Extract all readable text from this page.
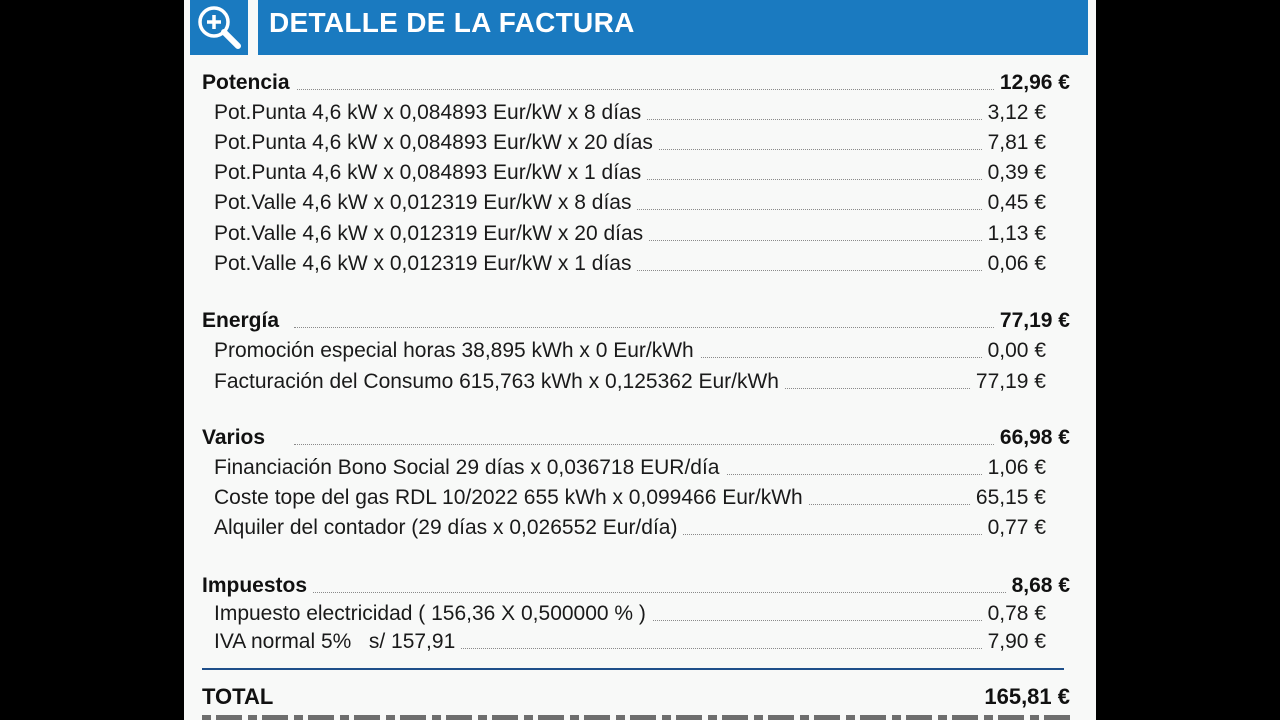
DETALLE DE LA FACTURA
Potencia	12,96 €
Pot.Punta 4,6 kW x 0,084893 Eur/kW x 8 días	3,12 €
Pot.Punta 4,6 kW x 0,084893 Eur/kW x 20 días	7,81 €
Pot.Punta 4,6 kW x 0,084893 Eur/kW x 1 días	0,39 €
Pot.Valle 4,6 kW x 0,012319 Eur/kW x 8 días	0,45 €
Pot.Valle 4,6 kW x 0,012319 Eur/kW x 20 días	1,13 €
Pot.Valle 4,6 kW x 0,012319 Eur/kW x 1 días	0,06 €
Energía	77,19 €
Promoción especial horas 38,895 kWh x 0 Eur/kWh	0,00 €
Facturación del Consumo 615,763 kWh x 0,125362 Eur/kWh	77,19 €
Varios	66,98 €
Financiación Bono Social 29 días x 0,036718 EUR/día	1,06 €
Coste tope del gas RDL 10/2022 655 kWh x 0,099466 Eur/kWh	65,15 €
Alquiler del contador (29 días x 0,026552 Eur/día)	0,77 €
Impuestos	8,68 €
Impuesto electricidad ( 156,36 X 0,500000 % )	0,78 €
IVA normal 5%   s/ 157,91	7,90 €
TOTAL	165,81 €
